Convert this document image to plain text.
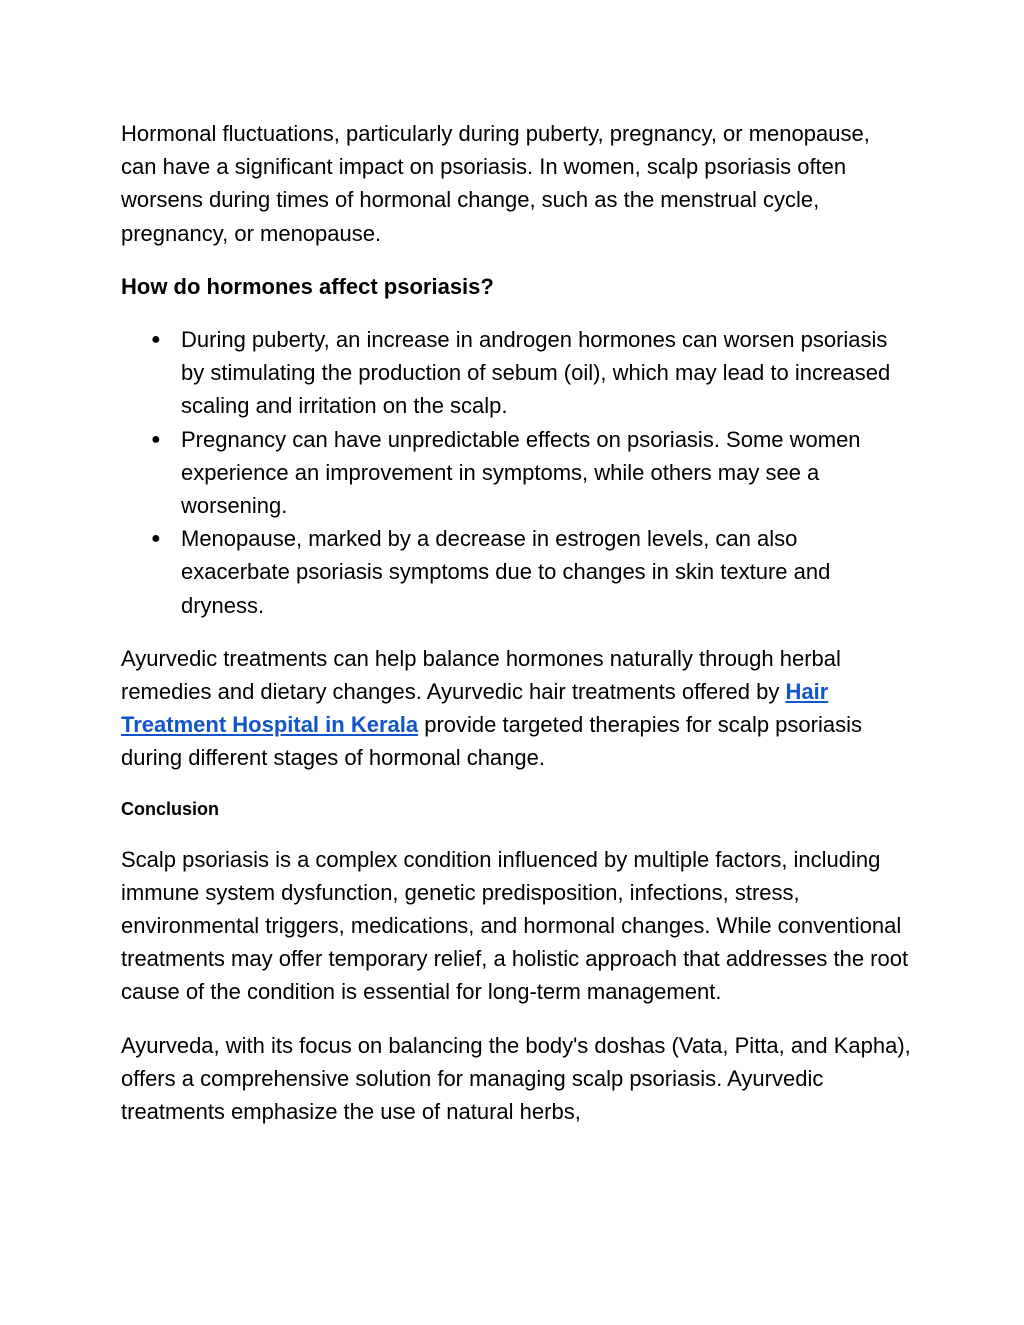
Hormonal fluctuations, particularly during puberty, pregnancy, or menopause, can have a significant impact on psoriasis. In women, scalp psoriasis often worsens during times of hormonal change, such as the menstrual cycle, pregnancy, or menopause.

How do hormones affect psoriasis?
● During puberty, an increase in androgen hormones can worsen psoriasis by stimulating the production of sebum (oil), which may lead to increased scaling and irritation on the scalp.
● Pregnancy can have unpredictable effects on psoriasis. Some women experience an improvement in symptoms, while others may see a worsening.
● Menopause, marked by a decrease in estrogen levels, can also exacerbate psoriasis symptoms due to changes in skin texture and dryness.

Ayurvedic treatments can help balance hormones naturally through herbal remedies and dietary changes. Ayurvedic hair treatments offered by Hair Treatment Hospital in Kerala provide targeted therapies for scalp psoriasis during different stages of hormonal change.

Conclusion

Scalp psoriasis is a complex condition influenced by multiple factors, including immune system dysfunction, genetic predisposition, infections, stress, environmental triggers, medications, and hormonal changes. While conventional treatments may offer temporary relief, a holistic approach that addresses the root cause of the condition is essential for long-term management.

Ayurveda, with its focus on balancing the body's doshas (Vata, Pitta, and Kapha), offers a comprehensive solution for managing scalp psoriasis. Ayurvedic treatments emphasize the use of natural herbs,
